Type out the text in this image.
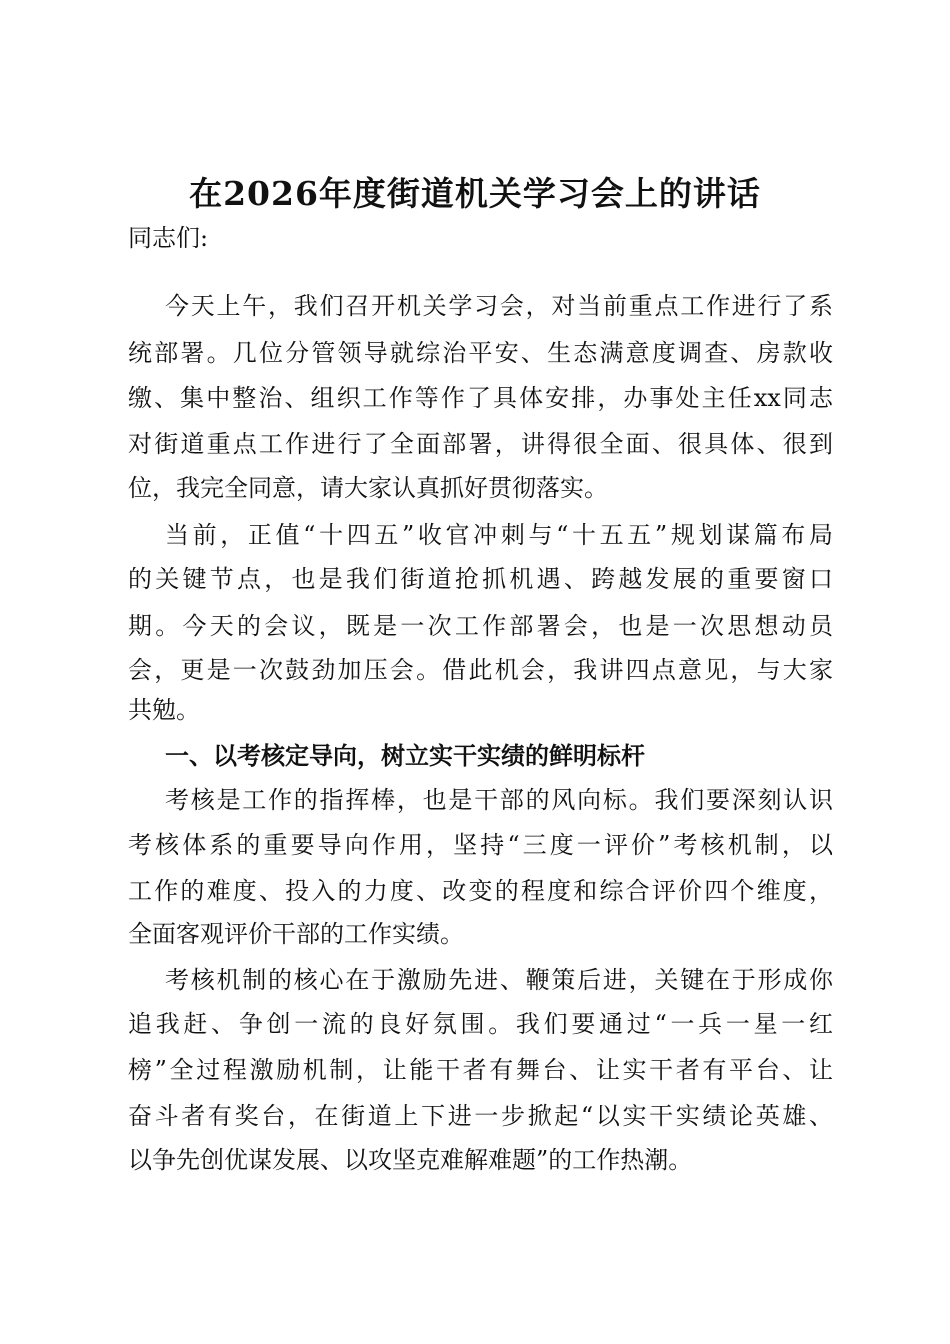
在2026年度街道机关学习会上的讲话

同志们:

今天上午，我们召开机关学习会，对当前重点工作进行了系

统部署。几位分管领导就综治平安、生态满意度调查、房款收

缴、集中整治、组织工作等作了具体安排，办事处主任xx同志

对街道重点工作进行了全面部署，讲得很全面、很具体、很到

位，我完全同意，请大家认真抓好贯彻落实。

当前，正值“十四五”收官冲刺与“十五五”规划谋篇布局

的关键节点，也是我们街道抢抓机遇、跨越发展的重要窗口

期。今天的会议，既是一次工作部署会，也是一次思想动员

会，更是一次鼓劲加压会。借此机会，我讲四点意见，与大家

共勉。

一、以考核定导向，树立实干实绩的鲜明标杆

考核是工作的指挥棒，也是干部的风向标。我们要深刻认识

考核体系的重要导向作用，坚持“三度一评价”考核机制，以

工作的难度、投入的力度、改变的程度和综合评价四个维度，

全面客观评价干部的工作实绩。

考核机制的核心在于激励先进、鞭策后进，关键在于形成你

追我赶、争创一流的良好氛围。我们要通过“一兵一星一红

榜”全过程激励机制，让能干者有舞台、让实干者有平台、让

奋斗者有奖台，在街道上下进一步掀起“以实干实绩论英雄、

以争先创优谋发展、以攻坚克难解难题”的工作热潮。
